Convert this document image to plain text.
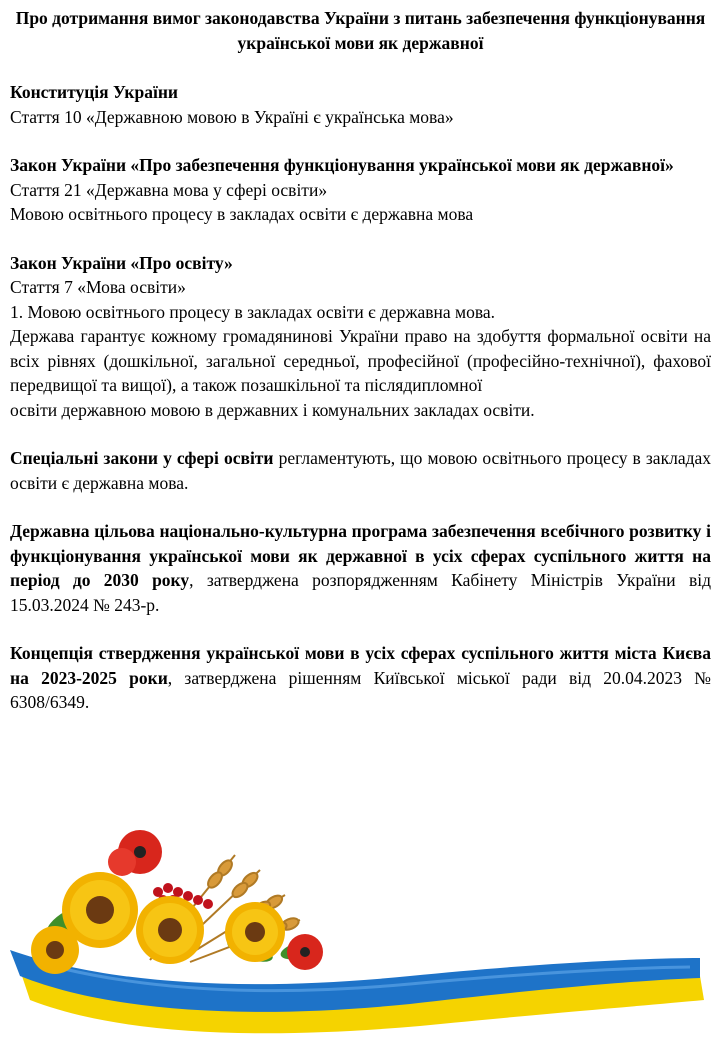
Про дотримання вимог законодавства України з питань забезпечення функціонування української мови як державної

Конституція України
Стаття 10 «Державною мовою в Україні є українська мова»
Закон України «Про забезпечення функціонування української мови як державної»
Стаття 21 «Державна мова у сфері освіти»
Мовою освітнього процесу в закладах освіти є державна мова
Закон України «Про освіту»
Стаття 7 «Мова освіти»
1. Мовою освітнього процесу в закладах освіти є державна мова.

Держава гарантує кожному громадянинові України право на здобуття формальної освіти на всіх рівнях (дошкільної, загальної середньої, професійної (професійно-технічної), фахової передвищої та вищої), а також позашкільної та післядипломної

освіти державною мовою в державних і комунальних закладах освіти.

Спеціальні закони у сфері освіти регламентують, що мовою освітнього процесу в закладах освіти є державна мова.

Державна цільова національно-культурна програма забезпечення всебічного розвитку і функціонування української мови як державної в усіх сферах суспільного життя на період до 2030 року, затверджена розпорядженням Кабінету Міністрів України від 15.03.2024 № 243-р.

Концепція ствердження української мови в усіх сферах суспільного життя міста Києва на 2023-2025 роки, затверджена рішенням Київської міської ради від 20.04.2023 № 6308/6349.
